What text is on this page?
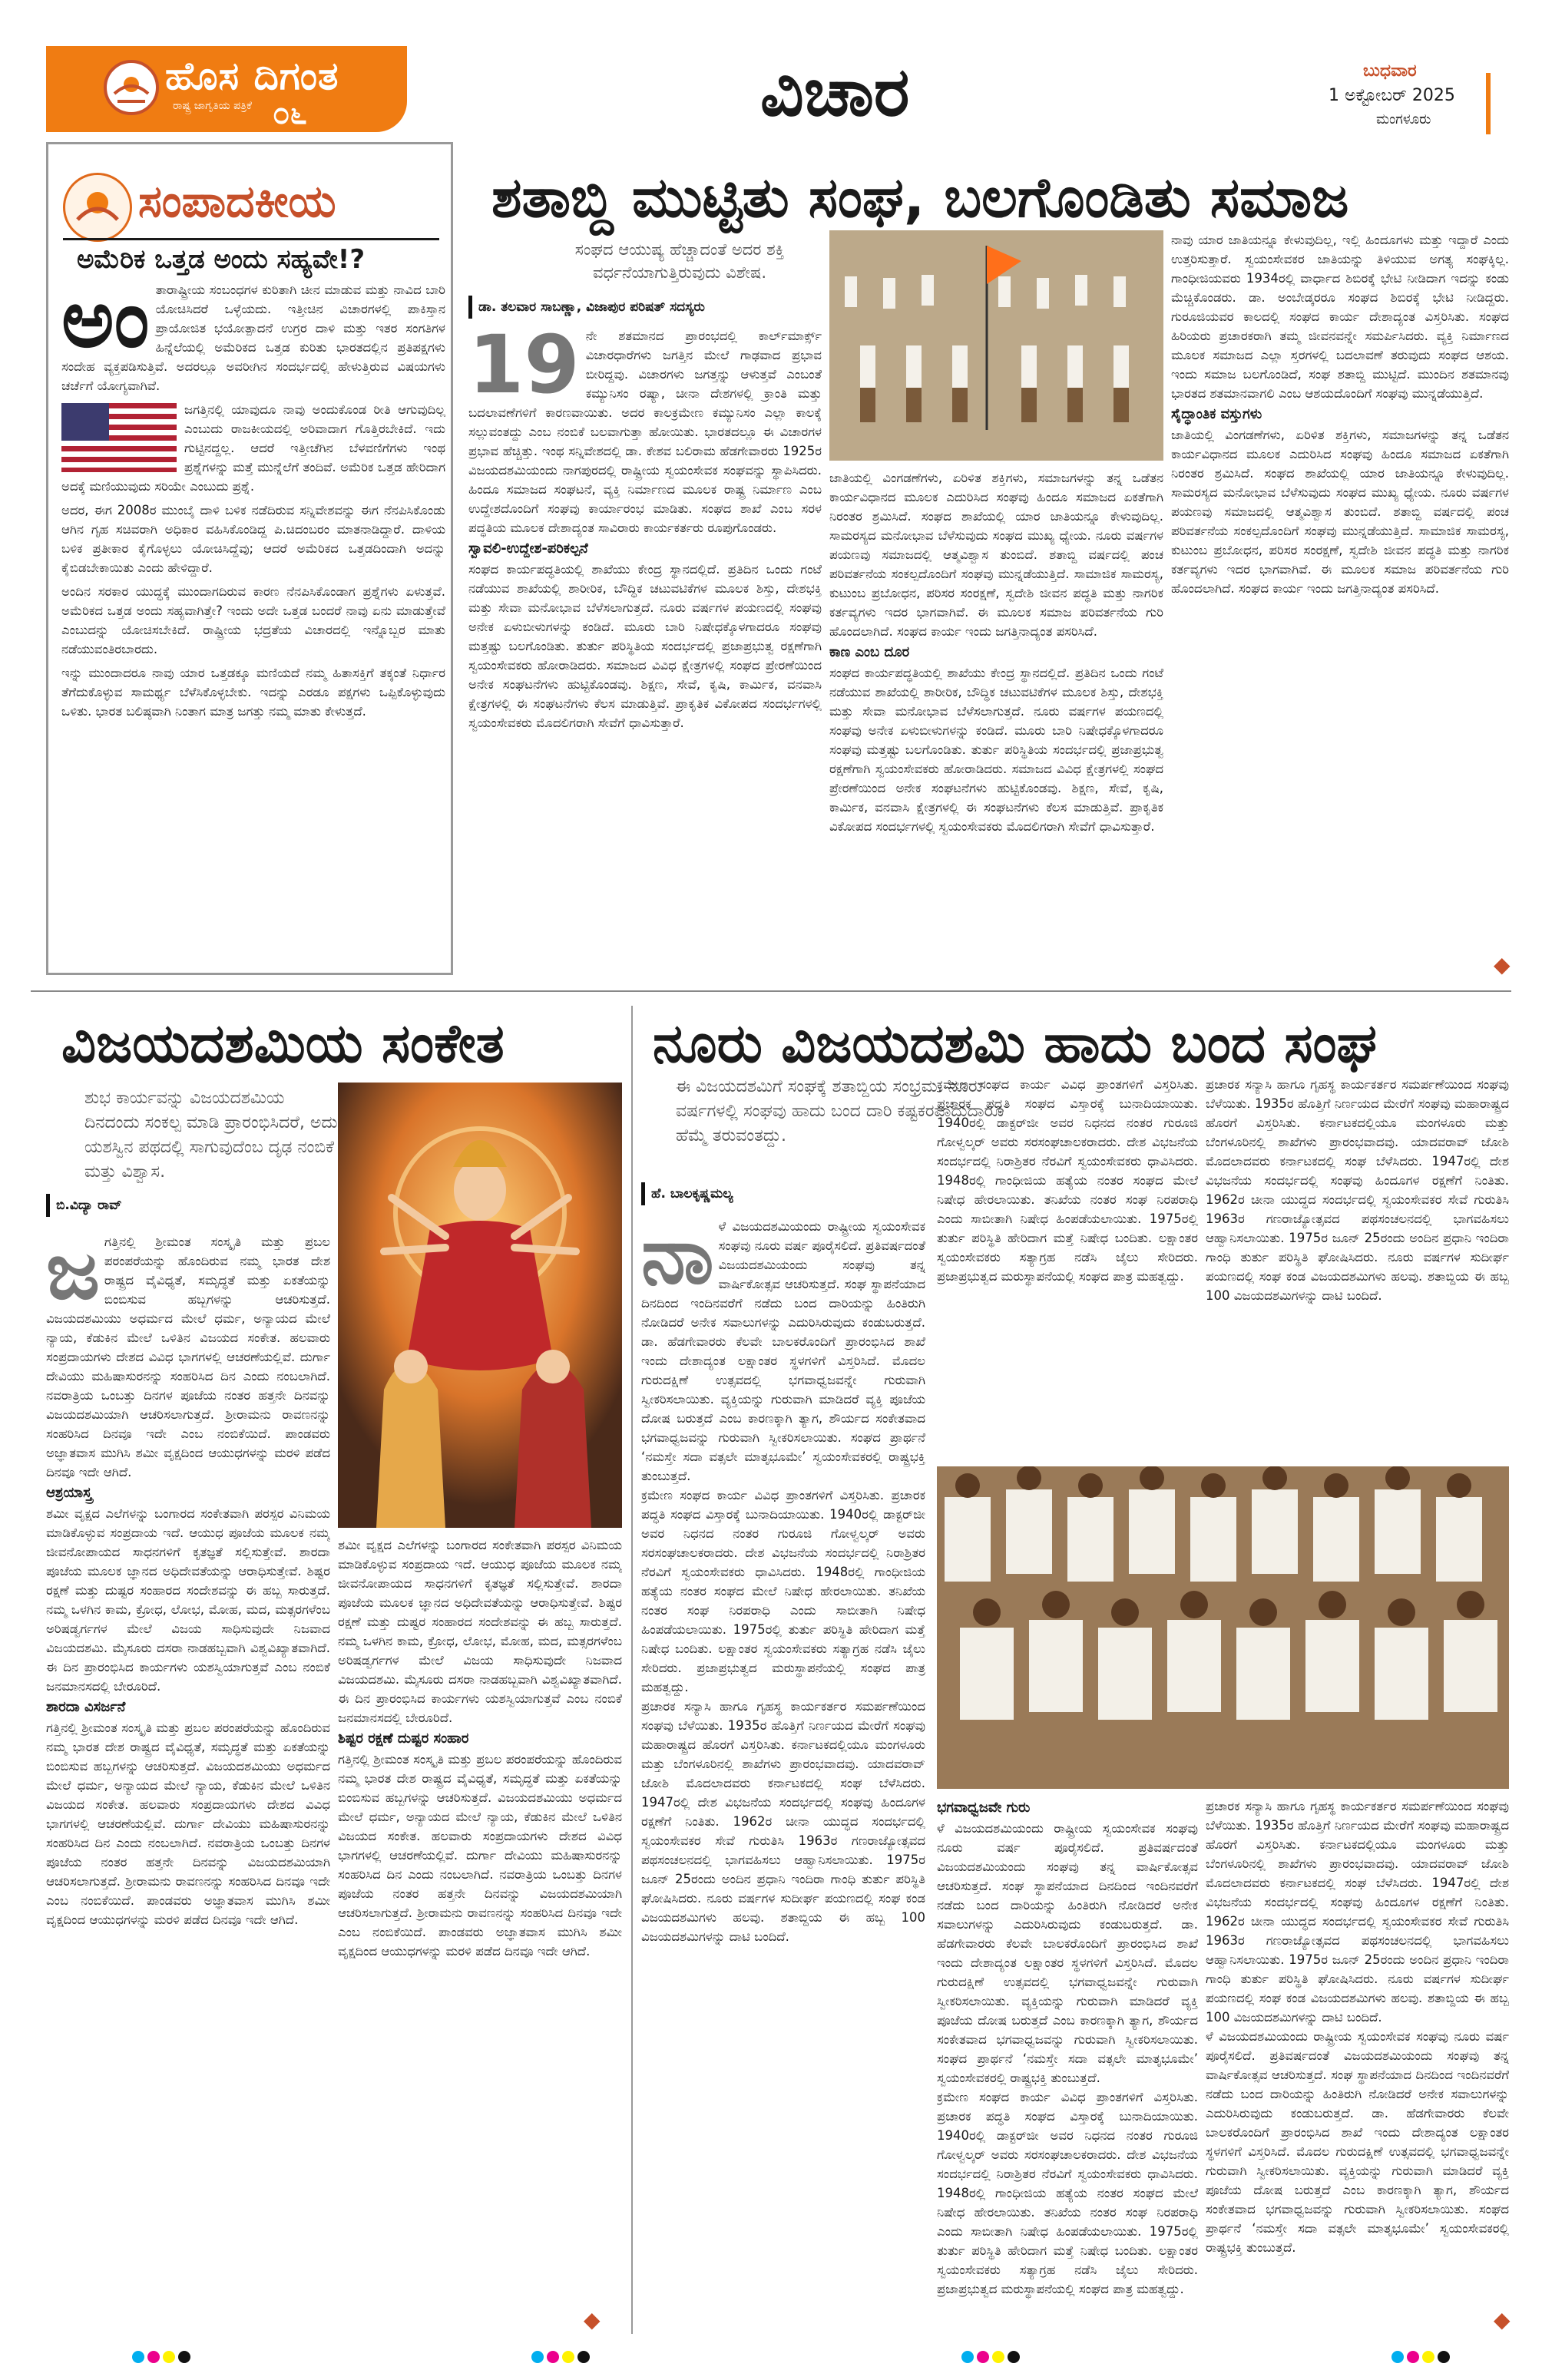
ಹೊಸ ದಿಗಂತ
ರಾಷ್ಟ್ರ ಜಾಗೃತಿಯ ಪತ್ರಿಕೆ ೦೬	ವಿಚಾರ	ಬುಧವಾರ
1 ಅಕ್ಟೋಬರ್ 2025
ಮಂಗಳೂರು
ಸಂಪಾದಕೀಯ
ಅಮೆರಿಕ ಒತ್ತಡ ಅಂದು ಸಹ್ಯವೇ!?
ಅಂ ತಾರಾಷ್ಟ್ರೀಯ ಸಂಬಂಧಗಳ ಕುರಿತಾಗಿ ಚೀನ ಮಾಡುವ ಮತ್ತು ನಾವಿದ ಬಾರಿ ಯೋಚಿಸಿದರೆ ಒಳ್ಳೆಯದು. ಇತ್ತೀಚಿನ ವಿಚಾರಗಳಲ್ಲಿ ಪಾಕಿಸ್ತಾನ ಪ್ರಾಯೋಜಿತ ಭಯೋತ್ಪಾದನೆ ಉಗ್ರರ ದಾಳಿ ಮತ್ತು ಇತರ ಸಂಗತಿಗಳ ಹಿನ್ನೆಲೆಯಲ್ಲಿ ಅಮೆರಿಕದ ಒತ್ತಡ ಕುರಿತು ಭಾರತದಲ್ಲಿನ ಪ್ರತಿಪಕ್ಷಗಳು ಸಂದೇಹ ವ್ಯಕ್ತಪಡಿಸುತ್ತಿವೆ. ಅದರಲ್ಲೂ ಅವರೀಗಿನ ಸಂದರ್ಭದಲ್ಲಿ ಹೇಳುತ್ತಿರುವ ವಿಷಯಗಳು ಚರ್ಚೆಗೆ ಯೋಗ್ಯವಾಗಿವೆ.

ಜಗತ್ತಿನಲ್ಲಿ ಯಾವುದೂ ನಾವು ಅಂದುಕೊಂಡ ರೀತಿ ಆಗುವುದಿಲ್ಲ ಎಂಬುದು ರಾಜಕೀಯದಲ್ಲಿ ಅರಿವಾದಾಗ ಗೊತ್ತಿರಬೇಕಿದೆ. ಇದು ಗುಟ್ಟಿನದ್ದಲ್ಲ. ಆದರೆ ಇತ್ತೀಚೆಗಿನ ಬೆಳವಣಿಗೆಗಳು ಇಂಥ ಪ್ರಶ್ನೆಗಳನ್ನು ಮತ್ತೆ ಮುನ್ನೆಲೆಗೆ ತಂದಿವೆ. ಅಮೆರಿಕ ಒತ್ತಡ ಹೇರಿದಾಗ ಅದಕ್ಕೆ ಮಣಿಯುವುದು ಸರಿಯೇ ಎಂಬುದು ಪ್ರಶ್ನೆ.

ಅದರ, ಈಗ 2008ರ ಮುಂಬೈ ದಾಳಿ ಬಳಿಕ ನಡೆದಿರುವ ಸನ್ನಿವೇಶವನ್ನು ಈಗ ನೆನಪಿಸಿಕೊಂಡು ಆಗಿನ ಗೃಹ ಸಚಿವರಾಗಿ ಅಧಿಕಾರ ವಹಿಸಿಕೊಂಡಿದ್ದ ಪಿ.ಚಿದಂಬರಂ ಮಾತನಾಡಿದ್ದಾರೆ. ದಾಳಿಯ ಬಳಿಕ ಪ್ರತೀಕಾರ ಕೈಗೊಳ್ಳಲು ಯೋಚಿಸಿದ್ದೆವು; ಆದರೆ ಅಮೆರಿಕದ ಒತ್ತಡದಿಂದಾಗಿ ಅದನ್ನು ಕೈಬಿಡಬೇಕಾಯಿತು ಎಂದು ಹೇಳಿದ್ದಾರೆ.

ಅಂದಿನ ಸರಕಾರ ಯುದ್ಧಕ್ಕೆ ಮುಂದಾಗದಿರುವ ಕಾರಣ ನೆನಪಿಸಿಕೊಂಡಾಗ ಪ್ರಶ್ನೆಗಳು ಏಳುತ್ತವೆ. ಅಮೆರಿಕದ ಒತ್ತಡ ಅಂದು ಸಹ್ಯವಾಗಿತ್ತೇ? ಇಂದು ಅದೇ ಒತ್ತಡ ಬಂದರೆ ನಾವು ಏನು ಮಾಡುತ್ತೇವೆ ಎಂಬುದನ್ನು ಯೋಚಿಸಬೇಕಿದೆ. ರಾಷ್ಟ್ರೀಯ ಭದ್ರತೆಯ ವಿಚಾರದಲ್ಲಿ ಇನ್ನೊಬ್ಬರ ಮಾತು ನಡೆಯುವಂತಿರಬಾರದು.

ಇನ್ನು ಮುಂದಾದರೂ ನಾವು ಯಾರ ಒತ್ತಡಕ್ಕೂ ಮಣಿಯದೆ ನಮ್ಮ ಹಿತಾಸಕ್ತಿಗೆ ತಕ್ಕಂತೆ ನಿರ್ಧಾರ ತೆಗೆದುಕೊಳ್ಳುವ ಸಾಮರ್ಥ್ಯ ಬೆಳೆಸಿಕೊಳ್ಳಬೇಕು. ಇದನ್ನು ಎರಡೂ ಪಕ್ಷಗಳು ಒಪ್ಪಿಕೊಳ್ಳುವುದು ಒಳಿತು. ಭಾರತ ಬಲಿಷ್ಠವಾಗಿ ನಿಂತಾಗ ಮಾತ್ರ ಜಗತ್ತು ನಮ್ಮ ಮಾತು ಕೇಳುತ್ತದೆ.

ಶತಾಬ್ದಿ ಮುಟ್ಟಿತು ಸಂಘ, ಬಲಗೊಂಡಿತು ಸಮಾಜ
ಸಂಘದ ಆಯುಷ್ಯ ಹೆಚ್ಚಾದಂತೆ ಅದರ ಶಕ್ತಿ ವರ್ಧನೆಯಾಗುತ್ತಿರುವುದು ವಿಶೇಷ.
ಡಾ. ತಲವಾರ ಸಾಬಣ್ಣಾ, ವಿಜಾಪುರ ಪರಿಷತ್ ಸದಸ್ಯರು
19 ನೇ ಶತಮಾನದ ಪ್ರಾರಂಭದಲ್ಲಿ ಕಾರ್ಲ್‌ಮಾರ್ಕ್ಸ್ ವಿಚಾರಧಾರೆಗಳು ಜಗತ್ತಿನ ಮೇಲೆ ಗಾಢವಾದ ಪ್ರಭಾವ ಬೀರಿದ್ದವು. ವಿಚಾರಗಳು ಜಗತ್ತನ್ನು ಆಳುತ್ತವೆ ಎಂಬಂತೆ ಕಮ್ಯುನಿಸಂ ರಷ್ಯಾ, ಚೀನಾ ದೇಶಗಳಲ್ಲಿ ಕ್ರಾಂತಿ ಮತ್ತು ಬದಲಾವಣೆಗಳಿಗೆ ಕಾರಣವಾಯಿತು. ಅದರ ಕಾಲಕ್ರಮೇಣ ಕಮ್ಯುನಿಸಂ ಎಲ್ಲಾ ಕಾಲಕ್ಕೆ ಸಲ್ಲುವಂತದ್ದು ಎಂಬ ನಂಬಿಕೆ ಬಲವಾಗುತ್ತಾ ಹೋಯಿತು. ಭಾರತದಲ್ಲೂ ಈ ವಿಚಾರಗಳ ಪ್ರಭಾವ ಹೆಚ್ಚಿತ್ತು. ಇಂಥ ಸನ್ನಿವೇಶದಲ್ಲಿ ಡಾ. ಕೇಶವ ಬಲಿರಾಮ ಹೆಡಗೇವಾರರು 1925ರ ವಿಜಯದಶಮಿಯಂದು ನಾಗಪುರದಲ್ಲಿ ರಾಷ್ಟ್ರೀಯ ಸ್ವಯಂಸೇವಕ ಸಂಘವನ್ನು ಸ್ಥಾಪಿಸಿದರು. ಹಿಂದೂ ಸಮಾಜದ ಸಂಘಟನೆ, ವ್ಯಕ್ತಿ ನಿರ್ಮಾಣದ ಮೂಲಕ ರಾಷ್ಟ್ರ ನಿರ್ಮಾಣ ಎಂಬ ಉದ್ದೇಶದೊಂದಿಗೆ ಸಂಘವು ಕಾರ್ಯಾರಂಭ ಮಾಡಿತು. ಸಂಘದ ಶಾಖೆ ಎಂಬ ಸರಳ ಪದ್ಧತಿಯ ಮೂಲಕ ದೇಶಾದ್ಯಂತ ಸಾವಿರಾರು ಕಾರ್ಯಕರ್ತರು ರೂಪುಗೊಂಡರು.

ಸ್ವಾವಲಿ-ಉದ್ದೇಶ-ಪರಿಕಲ್ಪನೆ

ಸಂಘದ ಕಾರ್ಯಪದ್ಧತಿಯಲ್ಲಿ ಶಾಖೆಯು ಕೇಂದ್ರ ಸ್ಥಾನದಲ್ಲಿದೆ. ಪ್ರತಿದಿನ ಒಂದು ಗಂಟೆ ನಡೆಯುವ ಶಾಖೆಯಲ್ಲಿ ಶಾರೀರಿಕ, ಬೌದ್ಧಿಕ ಚಟುವಟಿಕೆಗಳ ಮೂಲಕ ಶಿಸ್ತು, ದೇಶಭಕ್ತಿ ಮತ್ತು ಸೇವಾ ಮನೋಭಾವ ಬೆಳೆಸಲಾಗುತ್ತದೆ. ನೂರು ವರ್ಷಗಳ ಪಯಣದಲ್ಲಿ ಸಂಘವು ಅನೇಕ ಏಳುಬೀಳುಗಳನ್ನು ಕಂಡಿದೆ. ಮೂರು ಬಾರಿ ನಿಷೇಧಕ್ಕೊಳಗಾದರೂ ಸಂಘವು ಮತ್ತಷ್ಟು ಬಲಗೊಂಡಿತು. ತುರ್ತು ಪರಿಸ್ಥಿತಿಯ ಸಂದರ್ಭದಲ್ಲಿ ಪ್ರಜಾಪ್ರಭುತ್ವ ರಕ್ಷಣೆಗಾಗಿ ಸ್ವಯಂಸೇವಕರು ಹೋರಾಡಿದರು. ಸಮಾಜದ ವಿವಿಧ ಕ್ಷೇತ್ರಗಳಲ್ಲಿ ಸಂಘದ ಪ್ರೇರಣೆಯಿಂದ ಅನೇಕ ಸಂಘಟನೆಗಳು ಹುಟ್ಟಿಕೊಂಡವು. ಶಿಕ್ಷಣ, ಸೇವೆ, ಕೃಷಿ, ಕಾರ್ಮಿಕ, ವನವಾಸಿ ಕ್ಷೇತ್ರಗಳಲ್ಲಿ ಈ ಸಂಘಟನೆಗಳು ಕೆಲಸ ಮಾಡುತ್ತಿವೆ. ಪ್ರಾಕೃತಿಕ ವಿಕೋಪದ ಸಂದರ್ಭಗಳಲ್ಲಿ ಸ್ವಯಂಸೇವಕರು ಮೊದಲಿಗರಾಗಿ ಸೇವೆಗೆ ಧಾವಿಸುತ್ತಾರೆ.

ಜಾತಿಯಲ್ಲಿ ವಿಂಗಡಣೆಗಳು, ಏರಿಳಿತ ಶಕ್ತಿಗಳು, ಸಮಾಜಗಳನ್ನು ತನ್ನ ಒಡೆತನ ಕಾರ್ಯವಿಧಾನದ ಮೂಲಕ ಎದುರಿಸಿದ ಸಂಘವು ಹಿಂದೂ ಸಮಾಜದ ಏಕತೆಗಾಗಿ ನಿರಂತರ ಶ್ರಮಿಸಿದೆ. ಸಂಘದ ಶಾಖೆಯಲ್ಲಿ ಯಾರ ಜಾತಿಯನ್ನೂ ಕೇಳುವುದಿಲ್ಲ. ಸಾಮರಸ್ಯದ ಮನೋಭಾವ ಬೆಳೆಸುವುದು ಸಂಘದ ಮುಖ್ಯ ಧ್ಯೇಯ. ನೂರು ವರ್ಷಗಳ ಪಯಣವು ಸಮಾಜದಲ್ಲಿ ಆತ್ಮವಿಶ್ವಾಸ ತುಂಬಿದೆ. ಶತಾಬ್ದಿ ವರ್ಷದಲ್ಲಿ ಪಂಚ ಪರಿವರ್ತನೆಯ ಸಂಕಲ್ಪದೊಂದಿಗೆ ಸಂಘವು ಮುನ್ನಡೆಯುತ್ತಿದೆ. ಸಾಮಾಜಿಕ ಸಾಮರಸ್ಯ, ಕುಟುಂಬ ಪ್ರಬೋಧನ, ಪರಿಸರ ಸಂರಕ್ಷಣೆ, ಸ್ವದೇಶಿ ಜೀವನ ಪದ್ಧತಿ ಮತ್ತು ನಾಗರಿಕ ಕರ್ತವ್ಯಗಳು ಇದರ ಭಾಗವಾಗಿವೆ. ಈ ಮೂಲಕ ಸಮಾಜ ಪರಿವರ್ತನೆಯ ಗುರಿ ಹೊಂದಲಾಗಿದೆ. ಸಂಘದ ಕಾರ್ಯ ಇಂದು ಜಗತ್ತಿನಾದ್ಯಂತ ಪಸರಿಸಿದೆ.

ಕಾಣ ಎಂಬ ದೂರ

ಸಂಘದ ಕಾರ್ಯಪದ್ಧತಿಯಲ್ಲಿ ಶಾಖೆಯು ಕೇಂದ್ರ ಸ್ಥಾನದಲ್ಲಿದೆ. ಪ್ರತಿದಿನ ಒಂದು ಗಂಟೆ ನಡೆಯುವ ಶಾಖೆಯಲ್ಲಿ ಶಾರೀರಿಕ, ಬೌದ್ಧಿಕ ಚಟುವಟಿಕೆಗಳ ಮೂಲಕ ಶಿಸ್ತು, ದೇಶಭಕ್ತಿ ಮತ್ತು ಸೇವಾ ಮನೋಭಾವ ಬೆಳೆಸಲಾಗುತ್ತದೆ. ನೂರು ವರ್ಷಗಳ ಪಯಣದಲ್ಲಿ ಸಂಘವು ಅನೇಕ ಏಳುಬೀಳುಗಳನ್ನು ಕಂಡಿದೆ. ಮೂರು ಬಾರಿ ನಿಷೇಧಕ್ಕೊಳಗಾದರೂ ಸಂಘವು ಮತ್ತಷ್ಟು ಬಲಗೊಂಡಿತು. ತುರ್ತು ಪರಿಸ್ಥಿತಿಯ ಸಂದರ್ಭದಲ್ಲಿ ಪ್ರಜಾಪ್ರಭುತ್ವ ರಕ್ಷಣೆಗಾಗಿ ಸ್ವಯಂಸೇವಕರು ಹೋರಾಡಿದರು. ಸಮಾಜದ ವಿವಿಧ ಕ್ಷೇತ್ರಗಳಲ್ಲಿ ಸಂಘದ ಪ್ರೇರಣೆಯಿಂದ ಅನೇಕ ಸಂಘಟನೆಗಳು ಹುಟ್ಟಿಕೊಂಡವು. ಶಿಕ್ಷಣ, ಸೇವೆ, ಕೃಷಿ, ಕಾರ್ಮಿಕ, ವನವಾಸಿ ಕ್ಷೇತ್ರಗಳಲ್ಲಿ ಈ ಸಂಘಟನೆಗಳು ಕೆಲಸ ಮಾಡುತ್ತಿವೆ. ಪ್ರಾಕೃತಿಕ ವಿಕೋಪದ ಸಂದರ್ಭಗಳಲ್ಲಿ ಸ್ವಯಂಸೇವಕರು ಮೊದಲಿಗರಾಗಿ ಸೇವೆಗೆ ಧಾವಿಸುತ್ತಾರೆ.

ನಾವು ಯಾರ ಜಾತಿಯನ್ನೂ ಕೇಳುವುದಿಲ್ಲ, ಇಲ್ಲಿ ಹಿಂದೂಗಳು ಮತ್ತು ಇದ್ದಾರೆ ಎಂದು ಉತ್ತರಿಸುತ್ತಾರೆ. ಸ್ವಯಂಸೇವಕರ ಜಾತಿಯನ್ನು ತಿಳಿಯುವ ಅಗತ್ಯ ಸಂಘಕ್ಕಿಲ್ಲ. ಗಾಂಧೀಜಿಯವರು 1934ರಲ್ಲಿ ವಾರ್ಧಾದ ಶಿಬಿರಕ್ಕೆ ಭೇಟಿ ನೀಡಿದಾಗ ಇದನ್ನು ಕಂಡು ಮೆಚ್ಚಿಕೊಂಡರು. ಡಾ. ಅಂಬೇಡ್ಕರರೂ ಸಂಘದ ಶಿಬಿರಕ್ಕೆ ಭೇಟಿ ನೀಡಿದ್ದರು. ಗುರೂಜಿಯವರ ಕಾಲದಲ್ಲಿ ಸಂಘದ ಕಾರ್ಯ ದೇಶಾದ್ಯಂತ ವಿಸ್ತರಿಸಿತು. ಸಂಘದ ಹಿರಿಯರು ಪ್ರಚಾರಕರಾಗಿ ತಮ್ಮ ಜೀವನವನ್ನೇ ಸಮರ್ಪಿಸಿದರು. ವ್ಯಕ್ತಿ ನಿರ್ಮಾಣದ ಮೂಲಕ ಸಮಾಜದ ಎಲ್ಲಾ ಸ್ತರಗಳಲ್ಲಿ ಬದಲಾವಣೆ ತರುವುದು ಸಂಘದ ಆಶಯ. ಇಂದು ಸಮಾಜ ಬಲಗೊಂಡಿದೆ, ಸಂಘ ಶತಾಬ್ದಿ ಮುಟ್ಟಿದೆ. ಮುಂದಿನ ಶತಮಾನವು ಭಾರತದ ಶತಮಾನವಾಗಲಿ ಎಂಬ ಆಶಯದೊಂದಿಗೆ ಸಂಘವು ಮುನ್ನಡೆಯುತ್ತಿದೆ.

ಸೈದ್ಧಾಂತಿಕ ವಸ್ತುಗಳು

ಜಾತಿಯಲ್ಲಿ ವಿಂಗಡಣೆಗಳು, ಏರಿಳಿತ ಶಕ್ತಿಗಳು, ಸಮಾಜಗಳನ್ನು ತನ್ನ ಒಡೆತನ ಕಾರ್ಯವಿಧಾನದ ಮೂಲಕ ಎದುರಿಸಿದ ಸಂಘವು ಹಿಂದೂ ಸಮಾಜದ ಏಕತೆಗಾಗಿ ನಿರಂತರ ಶ್ರಮಿಸಿದೆ. ಸಂಘದ ಶಾಖೆಯಲ್ಲಿ ಯಾರ ಜಾತಿಯನ್ನೂ ಕೇಳುವುದಿಲ್ಲ. ಸಾಮರಸ್ಯದ ಮನೋಭಾವ ಬೆಳೆಸುವುದು ಸಂಘದ ಮುಖ್ಯ ಧ್ಯೇಯ. ನೂರು ವರ್ಷಗಳ ಪಯಣವು ಸಮಾಜದಲ್ಲಿ ಆತ್ಮವಿಶ್ವಾಸ ತುಂಬಿದೆ. ಶತಾಬ್ದಿ ವರ್ಷದಲ್ಲಿ ಪಂಚ ಪರಿವರ್ತನೆಯ ಸಂಕಲ್ಪದೊಂದಿಗೆ ಸಂಘವು ಮುನ್ನಡೆಯುತ್ತಿದೆ. ಸಾಮಾಜಿಕ ಸಾಮರಸ್ಯ, ಕುಟುಂಬ ಪ್ರಬೋಧನ, ಪರಿಸರ ಸಂರಕ್ಷಣೆ, ಸ್ವದೇಶಿ ಜೀವನ ಪದ್ಧತಿ ಮತ್ತು ನಾಗರಿಕ ಕರ್ತವ್ಯಗಳು ಇದರ ಭಾಗವಾಗಿವೆ. ಈ ಮೂಲಕ ಸಮಾಜ ಪರಿವರ್ತನೆಯ ಗುರಿ ಹೊಂದಲಾಗಿದೆ. ಸಂಘದ ಕಾರ್ಯ ಇಂದು ಜಗತ್ತಿನಾದ್ಯಂತ ಪಸರಿಸಿದೆ.

◆
ವಿಜಯದಶಮಿಯ ಸಂಕೇತ
ಶುಭ ಕಾರ್ಯವನ್ನು ವಿಜಯದಶಮಿಯ ದಿನದಂದು ಸಂಕಲ್ಪ ಮಾಡಿ ಪ್ರಾರಂಭಿಸಿದರೆ, ಅದು ಯಶಸ್ವಿನ ಪಥದಲ್ಲಿ ಸಾಗುವುದೆಂಬ ದೃಢ ನಂಬಿಕೆ ಮತ್ತು ವಿಶ್ವಾಸ.
ಬಿ.ವಿದ್ಯಾ ರಾವ್
ಜ ಗತ್ತಿನಲ್ಲಿ ಶ್ರೀಮಂತ ಸಂಸ್ಕೃತಿ ಮತ್ತು ಪ್ರಬಲ ಪರಂಪರೆಯನ್ನು ಹೊಂದಿರುವ ನಮ್ಮ ಭಾರತ ದೇಶ ರಾಷ್ಟ್ರದ ವೈವಿಧ್ಯತೆ, ಸಮೃದ್ಧತೆ ಮತ್ತು ಏಕತೆಯನ್ನು ಬಿಂಬಿಸುವ ಹಬ್ಬಗಳನ್ನು ಆಚರಿಸುತ್ತದೆ. ವಿಜಯದಶಮಿಯು ಅಧರ್ಮದ ಮೇಲೆ ಧರ್ಮ, ಅನ್ಯಾಯದ ಮೇಲೆ ನ್ಯಾಯ, ಕೆಡುಕಿನ ಮೇಲೆ ಒಳಿತಿನ ವಿಜಯದ ಸಂಕೇತ. ಹಲವಾರು ಸಂಪ್ರದಾಯಗಳು ದೇಶದ ವಿವಿಧ ಭಾಗಗಳಲ್ಲಿ ಆಚರಣೆಯಲ್ಲಿವೆ. ದುರ್ಗಾ ದೇವಿಯು ಮಹಿಷಾಸುರನನ್ನು ಸಂಹರಿಸಿದ ದಿನ ಎಂದು ನಂಬಲಾಗಿದೆ. ನವರಾತ್ರಿಯ ಒಂಬತ್ತು ದಿನಗಳ ಪೂಜೆಯ ನಂತರ ಹತ್ತನೇ ದಿನವನ್ನು ವಿಜಯದಶಮಿಯಾಗಿ ಆಚರಿಸಲಾಗುತ್ತದೆ. ಶ್ರೀರಾಮನು ರಾವಣನನ್ನು ಸಂಹರಿಸಿದ ದಿನವೂ ಇದೇ ಎಂಬ ನಂಬಿಕೆಯಿದೆ. ಪಾಂಡವರು ಅಜ್ಞಾತವಾಸ ಮುಗಿಸಿ ಶಮೀ ವೃಕ್ಷದಿಂದ ಆಯುಧಗಳನ್ನು ಮರಳಿ ಪಡೆದ ದಿನವೂ ಇದೇ ಆಗಿದೆ.

ಆಶ್ರಯಾಸ್ತ್ರ

ಶಮೀ ವೃಕ್ಷದ ಎಲೆಗಳನ್ನು ಬಂಗಾರದ ಸಂಕೇತವಾಗಿ ಪರಸ್ಪರ ವಿನಿಮಯ ಮಾಡಿಕೊಳ್ಳುವ ಸಂಪ್ರದಾಯ ಇದೆ. ಆಯುಧ ಪೂಜೆಯ ಮೂಲಕ ನಮ್ಮ ಜೀವನೋಪಾಯದ ಸಾಧನಗಳಿಗೆ ಕೃತಜ್ಞತೆ ಸಲ್ಲಿಸುತ್ತೇವೆ. ಶಾರದಾ ಪೂಜೆಯ ಮೂಲಕ ಜ್ಞಾನದ ಅಧಿದೇವತೆಯನ್ನು ಆರಾಧಿಸುತ್ತೇವೆ. ಶಿಷ್ಟರ ರಕ್ಷಣೆ ಮತ್ತು ದುಷ್ಟರ ಸಂಹಾರದ ಸಂದೇಶವನ್ನು ಈ ಹಬ್ಬ ಸಾರುತ್ತದೆ. ನಮ್ಮ ಒಳಗಿನ ಕಾಮ, ಕ್ರೋಧ, ಲೋಭ, ಮೋಹ, ಮದ, ಮತ್ಸರಗಳೆಂಬ ಅರಿಷಡ್ವರ್ಗಗಳ ಮೇಲೆ ವಿಜಯ ಸಾಧಿಸುವುದೇ ನಿಜವಾದ ವಿಜಯದಶಮಿ. ಮೈಸೂರು ದಸರಾ ನಾಡಹಬ್ಬವಾಗಿ ವಿಶ್ವವಿಖ್ಯಾತವಾಗಿದೆ. ಈ ದಿನ ಪ್ರಾರಂಭಿಸಿದ ಕಾರ್ಯಗಳು ಯಶಸ್ವಿಯಾಗುತ್ತವೆ ಎಂಬ ನಂಬಿಕೆ ಜನಮಾನಸದಲ್ಲಿ ಬೇರೂರಿದೆ.

ಶಾರದಾ ವಿಸರ್ಜನೆ

ಗತ್ತಿನಲ್ಲಿ ಶ್ರೀಮಂತ ಸಂಸ್ಕೃತಿ ಮತ್ತು ಪ್ರಬಲ ಪರಂಪರೆಯನ್ನು ಹೊಂದಿರುವ ನಮ್ಮ ಭಾರತ ದೇಶ ರಾಷ್ಟ್ರದ ವೈವಿಧ್ಯತೆ, ಸಮೃದ್ಧತೆ ಮತ್ತು ಏಕತೆಯನ್ನು ಬಿಂಬಿಸುವ ಹಬ್ಬಗಳನ್ನು ಆಚರಿಸುತ್ತದೆ. ವಿಜಯದಶಮಿಯು ಅಧರ್ಮದ ಮೇಲೆ ಧರ್ಮ, ಅನ್ಯಾಯದ ಮೇಲೆ ನ್ಯಾಯ, ಕೆಡುಕಿನ ಮೇಲೆ ಒಳಿತಿನ ವಿಜಯದ ಸಂಕೇತ. ಹಲವಾರು ಸಂಪ್ರದಾಯಗಳು ದೇಶದ ವಿವಿಧ ಭಾಗಗಳಲ್ಲಿ ಆಚರಣೆಯಲ್ಲಿವೆ. ದುರ್ಗಾ ದೇವಿಯು ಮಹಿಷಾಸುರನನ್ನು ಸಂಹರಿಸಿದ ದಿನ ಎಂದು ನಂಬಲಾಗಿದೆ. ನವರಾತ್ರಿಯ ಒಂಬತ್ತು ದಿನಗಳ ಪೂಜೆಯ ನಂತರ ಹತ್ತನೇ ದಿನವನ್ನು ವಿಜಯದಶಮಿಯಾಗಿ ಆಚರಿಸಲಾಗುತ್ತದೆ. ಶ್ರೀರಾಮನು ರಾವಣನನ್ನು ಸಂಹರಿಸಿದ ದಿನವೂ ಇದೇ ಎಂಬ ನಂಬಿಕೆಯಿದೆ. ಪಾಂಡವರು ಅಜ್ಞಾತವಾಸ ಮುಗಿಸಿ ಶಮೀ ವೃಕ್ಷದಿಂದ ಆಯುಧಗಳನ್ನು ಮರಳಿ ಪಡೆದ ದಿನವೂ ಇದೇ ಆಗಿದೆ.

ಶಮೀ ವೃಕ್ಷದ ಎಲೆಗಳನ್ನು ಬಂಗಾರದ ಸಂಕೇತವಾಗಿ ಪರಸ್ಪರ ವಿನಿಮಯ ಮಾಡಿಕೊಳ್ಳುವ ಸಂಪ್ರದಾಯ ಇದೆ. ಆಯುಧ ಪೂಜೆಯ ಮೂಲಕ ನಮ್ಮ ಜೀವನೋಪಾಯದ ಸಾಧನಗಳಿಗೆ ಕೃತಜ್ಞತೆ ಸಲ್ಲಿಸುತ್ತೇವೆ. ಶಾರದಾ ಪೂಜೆಯ ಮೂಲಕ ಜ್ಞಾನದ ಅಧಿದೇವತೆಯನ್ನು ಆರಾಧಿಸುತ್ತೇವೆ. ಶಿಷ್ಟರ ರಕ್ಷಣೆ ಮತ್ತು ದುಷ್ಟರ ಸಂಹಾರದ ಸಂದೇಶವನ್ನು ಈ ಹಬ್ಬ ಸಾರುತ್ತದೆ. ನಮ್ಮ ಒಳಗಿನ ಕಾಮ, ಕ್ರೋಧ, ಲೋಭ, ಮೋಹ, ಮದ, ಮತ್ಸರಗಳೆಂಬ ಅರಿಷಡ್ವರ್ಗಗಳ ಮೇಲೆ ವಿಜಯ ಸಾಧಿಸುವುದೇ ನಿಜವಾದ ವಿಜಯದಶಮಿ. ಮೈಸೂರು ದಸರಾ ನಾಡಹಬ್ಬವಾಗಿ ವಿಶ್ವವಿಖ್ಯಾತವಾಗಿದೆ. ಈ ದಿನ ಪ್ರಾರಂಭಿಸಿದ ಕಾರ್ಯಗಳು ಯಶಸ್ವಿಯಾಗುತ್ತವೆ ಎಂಬ ನಂಬಿಕೆ ಜನಮಾನಸದಲ್ಲಿ ಬೇರೂರಿದೆ.

ಶಿಷ್ಟರ ರಕ್ಷಣೆ ದುಷ್ಟರ ಸಂಹಾರ

ಗತ್ತಿನಲ್ಲಿ ಶ್ರೀಮಂತ ಸಂಸ್ಕೃತಿ ಮತ್ತು ಪ್ರಬಲ ಪರಂಪರೆಯನ್ನು ಹೊಂದಿರುವ ನಮ್ಮ ಭಾರತ ದೇಶ ರಾಷ್ಟ್ರದ ವೈವಿಧ್ಯತೆ, ಸಮೃದ್ಧತೆ ಮತ್ತು ಏಕತೆಯನ್ನು ಬಿಂಬಿಸುವ ಹಬ್ಬಗಳನ್ನು ಆಚರಿಸುತ್ತದೆ. ವಿಜಯದಶಮಿಯು ಅಧರ್ಮದ ಮೇಲೆ ಧರ್ಮ, ಅನ್ಯಾಯದ ಮೇಲೆ ನ್ಯಾಯ, ಕೆಡುಕಿನ ಮೇಲೆ ಒಳಿತಿನ ವಿಜಯದ ಸಂಕೇತ. ಹಲವಾರು ಸಂಪ್ರದಾಯಗಳು ದೇಶದ ವಿವಿಧ ಭಾಗಗಳಲ್ಲಿ ಆಚರಣೆಯಲ್ಲಿವೆ. ದುರ್ಗಾ ದೇವಿಯು ಮಹಿಷಾಸುರನನ್ನು ಸಂಹರಿಸಿದ ದಿನ ಎಂದು ನಂಬಲಾಗಿದೆ. ನವರಾತ್ರಿಯ ಒಂಬತ್ತು ದಿನಗಳ ಪೂಜೆಯ ನಂತರ ಹತ್ತನೇ ದಿನವನ್ನು ವಿಜಯದಶಮಿಯಾಗಿ ಆಚರಿಸಲಾಗುತ್ತದೆ. ಶ್ರೀರಾಮನು ರಾವಣನನ್ನು ಸಂಹರಿಸಿದ ದಿನವೂ ಇದೇ ಎಂಬ ನಂಬಿಕೆಯಿದೆ. ಪಾಂಡವರು ಅಜ್ಞಾತವಾಸ ಮುಗಿಸಿ ಶಮೀ ವೃಕ್ಷದಿಂದ ಆಯುಧಗಳನ್ನು ಮರಳಿ ಪಡೆದ ದಿನವೂ ಇದೇ ಆಗಿದೆ.

◆
ನೂರು ವಿಜಯದಶಮಿ ಹಾದು ಬಂದ ಸಂಘ
ಈ ವಿಜಯದಶಮಿಗೆ ಸಂಘಕ್ಕೆ ಶತಾಬ್ದಿಯ ಸಂಭ್ರಮ. ನೂರು ವರ್ಷಗಳಲ್ಲಿ ಸಂಘವು ಹಾದು ಬಂದ ದಾರಿ ಕಷ್ಟಕರವಾದುದಾರೂ ಹೆಮ್ಮೆ ತರುವಂತದ್ದು.
ಹೆ. ಬಾಲಕೃಷ್ಣಮಲ್ಯ
ನಾ ಳೆ ವಿಜಯದಶಮಿಯಂದು ರಾಷ್ಟ್ರೀಯ ಸ್ವಯಂಸೇವಕ ಸಂಘವು ನೂರು ವರ್ಷ ಪೂರೈಸಲಿದೆ. ಪ್ರತಿವರ್ಷದಂತೆ ವಿಜಯದಶಮಿಯಂದು ಸಂಘವು ತನ್ನ ವಾರ್ಷಿಕೋತ್ಸವ ಆಚರಿಸುತ್ತದೆ. ಸಂಘ ಸ್ಥಾಪನೆಯಾದ ದಿನದಿಂದ ಇಂದಿನವರೆಗೆ ನಡೆದು ಬಂದ ದಾರಿಯನ್ನು ಹಿಂತಿರುಗಿ ನೋಡಿದರೆ ಅನೇಕ ಸವಾಲುಗಳನ್ನು ಎದುರಿಸಿರುವುದು ಕಂಡುಬರುತ್ತದೆ. ಡಾ. ಹೆಡಗೇವಾರರು ಕೆಲವೇ ಬಾಲಕರೊಂದಿಗೆ ಪ್ರಾರಂಭಿಸಿದ ಶಾಖೆ ಇಂದು ದೇಶಾದ್ಯಂತ ಲಕ್ಷಾಂತರ ಸ್ಥಳಗಳಿಗೆ ವಿಸ್ತರಿಸಿದೆ. ಮೊದಲ ಗುರುದಕ್ಷಿಣೆ ಉತ್ಸವದಲ್ಲಿ ಭಗವಾಧ್ವಜವನ್ನೇ ಗುರುವಾಗಿ ಸ್ವೀಕರಿಸಲಾಯಿತು. ವ್ಯಕ್ತಿಯನ್ನು ಗುರುವಾಗಿ ಮಾಡಿದರೆ ವ್ಯಕ್ತಿ ಪೂಜೆಯ ದೋಷ ಬರುತ್ತದೆ ಎಂಬ ಕಾರಣಕ್ಕಾಗಿ ತ್ಯಾಗ, ಶೌರ್ಯದ ಸಂಕೇತವಾದ ಭಗವಾಧ್ವಜವನ್ನು ಗುರುವಾಗಿ ಸ್ವೀಕರಿಸಲಾಯಿತು. ಸಂಘದ ಪ್ರಾರ್ಥನೆ ‘ನಮಸ್ತೇ ಸದಾ ವತ್ಸಲೇ ಮಾತೃಭೂಮೇ’ ಸ್ವಯಂಸೇವಕರಲ್ಲಿ ರಾಷ್ಟ್ರಭಕ್ತಿ ತುಂಬುತ್ತದೆ.

ಕ್ರಮೇಣ ಸಂಘದ ಕಾರ್ಯ ವಿವಿಧ ಪ್ರಾಂತಗಳಿಗೆ ವಿಸ್ತರಿಸಿತು. ಪ್ರಚಾರಕ ಪದ್ಧತಿ ಸಂಘದ ವಿಸ್ತಾರಕ್ಕೆ ಬುನಾದಿಯಾಯಿತು. 1940ರಲ್ಲಿ ಡಾಕ್ಟರ್‌ಜೀ ಅವರ ನಿಧನದ ನಂತರ ಗುರೂಜಿ ಗೋಳ್ವಲ್ಕರ್ ಅವರು ಸರಸಂಘಚಾಲಕರಾದರು. ದೇಶ ವಿಭಜನೆಯ ಸಂದರ್ಭದಲ್ಲಿ ನಿರಾಶ್ರಿತರ ನೆರವಿಗೆ ಸ್ವಯಂಸೇವಕರು ಧಾವಿಸಿದರು. 1948ರಲ್ಲಿ ಗಾಂಧೀಜಿಯ ಹತ್ಯೆಯ ನಂತರ ಸಂಘದ ಮೇಲೆ ನಿಷೇಧ ಹೇರಲಾಯಿತು. ತನಿಖೆಯ ನಂತರ ಸಂಘ ನಿರಪರಾಧಿ ಎಂದು ಸಾಬೀತಾಗಿ ನಿಷೇಧ ಹಿಂಪಡೆಯಲಾಯಿತು. 1975ರಲ್ಲಿ ತುರ್ತು ಪರಿಸ್ಥಿತಿ ಹೇರಿದಾಗ ಮತ್ತೆ ನಿಷೇಧ ಬಂದಿತು. ಲಕ್ಷಾಂತರ ಸ್ವಯಂಸೇವಕರು ಸತ್ಯಾಗ್ರಹ ನಡೆಸಿ ಜೈಲು ಸೇರಿದರು. ಪ್ರಜಾಪ್ರಭುತ್ವದ ಮರುಸ್ಥಾಪನೆಯಲ್ಲಿ ಸಂಘದ ಪಾತ್ರ ಮಹತ್ವದ್ದು.

ಪ್ರಚಾರಕ ಸನ್ಯಾಸಿ ಹಾಗೂ ಗೃಹಸ್ಥ ಕಾರ್ಯಕರ್ತರ ಸಮರ್ಪಣೆಯಿಂದ ಸಂಘವು ಬೆಳೆಯಿತು. 1935ರ ಹೊತ್ತಿಗೆ ನಿರ್ಣಯದ ಮೇರೆಗೆ ಸಂಘವು ಮಹಾರಾಷ್ಟ್ರದ ಹೊರಗೆ ವಿಸ್ತರಿಸಿತು. ಕರ್ನಾಟಕದಲ್ಲಿಯೂ ಮಂಗಳೂರು ಮತ್ತು ಬೆಂಗಳೂರಿನಲ್ಲಿ ಶಾಖೆಗಳು ಪ್ರಾರಂಭವಾದವು. ಯಾದವರಾವ್ ಜೋಶಿ ಮೊದಲಾದವರು ಕರ್ನಾಟಕದಲ್ಲಿ ಸಂಘ ಬೆಳೆಸಿದರು. 1947ರಲ್ಲಿ ದೇಶ ವಿಭಜನೆಯ ಸಂದರ್ಭದಲ್ಲಿ ಸಂಘವು ಹಿಂದೂಗಳ ರಕ್ಷಣೆಗೆ ನಿಂತಿತು. 1962ರ ಚೀನಾ ಯುದ್ಧದ ಸಂದರ್ಭದಲ್ಲಿ ಸ್ವಯಂಸೇವಕರ ಸೇವೆ ಗುರುತಿಸಿ 1963ರ ಗಣರಾಜ್ಯೋತ್ಸವದ ಪಥಸಂಚಲನದಲ್ಲಿ ಭಾಗವಹಿಸಲು ಆಹ್ವಾನಿಸಲಾಯಿತು. 1975ರ ಜೂನ್ 25ರಂದು ಅಂದಿನ ಪ್ರಧಾನಿ ಇಂದಿರಾ ಗಾಂಧಿ ತುರ್ತು ಪರಿಸ್ಥಿತಿ ಘೋಷಿಸಿದರು. ನೂರು ವರ್ಷಗಳ ಸುದೀರ್ಘ ಪಯಣದಲ್ಲಿ ಸಂಘ ಕಂಡ ವಿಜಯದಶಮಿಗಳು ಹಲವು. ಶತಾಬ್ದಿಯ ಈ ಹಬ್ಬ 100 ವಿಜಯದಶಮಿಗಳನ್ನು ದಾಟಿ ಬಂದಿದೆ.

ಕ್ರಮೇಣ ಸಂಘದ ಕಾರ್ಯ ವಿವಿಧ ಪ್ರಾಂತಗಳಿಗೆ ವಿಸ್ತರಿಸಿತು. ಪ್ರಚಾರಕ ಪದ್ಧತಿ ಸಂಘದ ವಿಸ್ತಾರಕ್ಕೆ ಬುನಾದಿಯಾಯಿತು. 1940ರಲ್ಲಿ ಡಾಕ್ಟರ್‌ಜೀ ಅವರ ನಿಧನದ ನಂತರ ಗುರೂಜಿ ಗೋಳ್ವಲ್ಕರ್ ಅವರು ಸರಸಂಘಚಾಲಕರಾದರು. ದೇಶ ವಿಭಜನೆಯ ಸಂದರ್ಭದಲ್ಲಿ ನಿರಾಶ್ರಿತರ ನೆರವಿಗೆ ಸ್ವಯಂಸೇವಕರು ಧಾವಿಸಿದರು. 1948ರಲ್ಲಿ ಗಾಂಧೀಜಿಯ ಹತ್ಯೆಯ ನಂತರ ಸಂಘದ ಮೇಲೆ ನಿಷೇಧ ಹೇರಲಾಯಿತು. ತನಿಖೆಯ ನಂತರ ಸಂಘ ನಿರಪರಾಧಿ ಎಂದು ಸಾಬೀತಾಗಿ ನಿಷೇಧ ಹಿಂಪಡೆಯಲಾಯಿತು. 1975ರಲ್ಲಿ ತುರ್ತು ಪರಿಸ್ಥಿತಿ ಹೇರಿದಾಗ ಮತ್ತೆ ನಿಷೇಧ ಬಂದಿತು. ಲಕ್ಷಾಂತರ ಸ್ವಯಂಸೇವಕರು ಸತ್ಯಾಗ್ರಹ ನಡೆಸಿ ಜೈಲು ಸೇರಿದರು. ಪ್ರಜಾಪ್ರಭುತ್ವದ ಮರುಸ್ಥಾಪನೆಯಲ್ಲಿ ಸಂಘದ ಪಾತ್ರ ಮಹತ್ವದ್ದು.

ಪ್ರಚಾರಕ ಸನ್ಯಾಸಿ ಹಾಗೂ ಗೃಹಸ್ಥ ಕಾರ್ಯಕರ್ತರ ಸಮರ್ಪಣೆಯಿಂದ ಸಂಘವು ಬೆಳೆಯಿತು. 1935ರ ಹೊತ್ತಿಗೆ ನಿರ್ಣಯದ ಮೇರೆಗೆ ಸಂಘವು ಮಹಾರಾಷ್ಟ್ರದ ಹೊರಗೆ ವಿಸ್ತರಿಸಿತು. ಕರ್ನಾಟಕದಲ್ಲಿಯೂ ಮಂಗಳೂರು ಮತ್ತು ಬೆಂಗಳೂರಿನಲ್ಲಿ ಶಾಖೆಗಳು ಪ್ರಾರಂಭವಾದವು. ಯಾದವರಾವ್ ಜೋಶಿ ಮೊದಲಾದವರು ಕರ್ನಾಟಕದಲ್ಲಿ ಸಂಘ ಬೆಳೆಸಿದರು. 1947ರಲ್ಲಿ ದೇಶ ವಿಭಜನೆಯ ಸಂದರ್ಭದಲ್ಲಿ ಸಂಘವು ಹಿಂದೂಗಳ ರಕ್ಷಣೆಗೆ ನಿಂತಿತು. 1962ರ ಚೀನಾ ಯುದ್ಧದ ಸಂದರ್ಭದಲ್ಲಿ ಸ್ವಯಂಸೇವಕರ ಸೇವೆ ಗುರುತಿಸಿ 1963ರ ಗಣರಾಜ್ಯೋತ್ಸವದ ಪಥಸಂಚಲನದಲ್ಲಿ ಭಾಗವಹಿಸಲು ಆಹ್ವಾನಿಸಲಾಯಿತು. 1975ರ ಜೂನ್ 25ರಂದು ಅಂದಿನ ಪ್ರಧಾನಿ ಇಂದಿರಾ ಗಾಂಧಿ ತುರ್ತು ಪರಿಸ್ಥಿತಿ ಘೋಷಿಸಿದರು. ನೂರು ವರ್ಷಗಳ ಸುದೀರ್ಘ ಪಯಣದಲ್ಲಿ ಸಂಘ ಕಂಡ ವಿಜಯದಶಮಿಗಳು ಹಲವು. ಶತಾಬ್ದಿಯ ಈ ಹಬ್ಬ 100 ವಿಜಯದಶಮಿಗಳನ್ನು ದಾಟಿ ಬಂದಿದೆ.

ಭಗವಾಧ್ವಜವೇ ಗುರು

ಳೆ ವಿಜಯದಶಮಿಯಂದು ರಾಷ್ಟ್ರೀಯ ಸ್ವಯಂಸೇವಕ ಸಂಘವು ನೂರು ವರ್ಷ ಪೂರೈಸಲಿದೆ. ಪ್ರತಿವರ್ಷದಂತೆ ವಿಜಯದಶಮಿಯಂದು ಸಂಘವು ತನ್ನ ವಾರ್ಷಿಕೋತ್ಸವ ಆಚರಿಸುತ್ತದೆ. ಸಂಘ ಸ್ಥಾಪನೆಯಾದ ದಿನದಿಂದ ಇಂದಿನವರೆಗೆ ನಡೆದು ಬಂದ ದಾರಿಯನ್ನು ಹಿಂತಿರುಗಿ ನೋಡಿದರೆ ಅನೇಕ ಸವಾಲುಗಳನ್ನು ಎದುರಿಸಿರುವುದು ಕಂಡುಬರುತ್ತದೆ. ಡಾ. ಹೆಡಗೇವಾರರು ಕೆಲವೇ ಬಾಲಕರೊಂದಿಗೆ ಪ್ರಾರಂಭಿಸಿದ ಶಾಖೆ ಇಂದು ದೇಶಾದ್ಯಂತ ಲಕ್ಷಾಂತರ ಸ್ಥಳಗಳಿಗೆ ವಿಸ್ತರಿಸಿದೆ. ಮೊದಲ ಗುರುದಕ್ಷಿಣೆ ಉತ್ಸವದಲ್ಲಿ ಭಗವಾಧ್ವಜವನ್ನೇ ಗುರುವಾಗಿ ಸ್ವೀಕರಿಸಲಾಯಿತು. ವ್ಯಕ್ತಿಯನ್ನು ಗುರುವಾಗಿ ಮಾಡಿದರೆ ವ್ಯಕ್ತಿ ಪೂಜೆಯ ದೋಷ ಬರುತ್ತದೆ ಎಂಬ ಕಾರಣಕ್ಕಾಗಿ ತ್ಯಾಗ, ಶೌರ್ಯದ ಸಂಕೇತವಾದ ಭಗವಾಧ್ವಜವನ್ನು ಗುರುವಾಗಿ ಸ್ವೀಕರಿಸಲಾಯಿತು. ಸಂಘದ ಪ್ರಾರ್ಥನೆ ‘ನಮಸ್ತೇ ಸದಾ ವತ್ಸಲೇ ಮಾತೃಭೂಮೇ’ ಸ್ವಯಂಸೇವಕರಲ್ಲಿ ರಾಷ್ಟ್ರಭಕ್ತಿ ತುಂಬುತ್ತದೆ.

ಕ್ರಮೇಣ ಸಂಘದ ಕಾರ್ಯ ವಿವಿಧ ಪ್ರಾಂತಗಳಿಗೆ ವಿಸ್ತರಿಸಿತು. ಪ್ರಚಾರಕ ಪದ್ಧತಿ ಸಂಘದ ವಿಸ್ತಾರಕ್ಕೆ ಬುನಾದಿಯಾಯಿತು. 1940ರಲ್ಲಿ ಡಾಕ್ಟರ್‌ಜೀ ಅವರ ನಿಧನದ ನಂತರ ಗುರೂಜಿ ಗೋಳ್ವಲ್ಕರ್ ಅವರು ಸರಸಂಘಚಾಲಕರಾದರು. ದೇಶ ವಿಭಜನೆಯ ಸಂದರ್ಭದಲ್ಲಿ ನಿರಾಶ್ರಿತರ ನೆರವಿಗೆ ಸ್ವಯಂಸೇವಕರು ಧಾವಿಸಿದರು. 1948ರಲ್ಲಿ ಗಾಂಧೀಜಿಯ ಹತ್ಯೆಯ ನಂತರ ಸಂಘದ ಮೇಲೆ ನಿಷೇಧ ಹೇರಲಾಯಿತು. ತನಿಖೆಯ ನಂತರ ಸಂಘ ನಿರಪರಾಧಿ ಎಂದು ಸಾಬೀತಾಗಿ ನಿಷೇಧ ಹಿಂಪಡೆಯಲಾಯಿತು. 1975ರಲ್ಲಿ ತುರ್ತು ಪರಿಸ್ಥಿತಿ ಹೇರಿದಾಗ ಮತ್ತೆ ನಿಷೇಧ ಬಂದಿತು. ಲಕ್ಷಾಂತರ ಸ್ವಯಂಸೇವಕರು ಸತ್ಯಾಗ್ರಹ ನಡೆಸಿ ಜೈಲು ಸೇರಿದರು. ಪ್ರಜಾಪ್ರಭುತ್ವದ ಮರುಸ್ಥಾಪನೆಯಲ್ಲಿ ಸಂಘದ ಪಾತ್ರ ಮಹತ್ವದ್ದು.

ಪ್ರಚಾರಕ ಸನ್ಯಾಸಿ ಹಾಗೂ ಗೃಹಸ್ಥ ಕಾರ್ಯಕರ್ತರ ಸಮರ್ಪಣೆಯಿಂದ ಸಂಘವು ಬೆಳೆಯಿತು. 1935ರ ಹೊತ್ತಿಗೆ ನಿರ್ಣಯದ ಮೇರೆಗೆ ಸಂಘವು ಮಹಾರಾಷ್ಟ್ರದ ಹೊರಗೆ ವಿಸ್ತರಿಸಿತು. ಕರ್ನಾಟಕದಲ್ಲಿಯೂ ಮಂಗಳೂರು ಮತ್ತು ಬೆಂಗಳೂರಿನಲ್ಲಿ ಶಾಖೆಗಳು ಪ್ರಾರಂಭವಾದವು. ಯಾದವರಾವ್ ಜೋಶಿ ಮೊದಲಾದವರು ಕರ್ನಾಟಕದಲ್ಲಿ ಸಂಘ ಬೆಳೆಸಿದರು. 1947ರಲ್ಲಿ ದೇಶ ವಿಭಜನೆಯ ಸಂದರ್ಭದಲ್ಲಿ ಸಂಘವು ಹಿಂದೂಗಳ ರಕ್ಷಣೆಗೆ ನಿಂತಿತು. 1962ರ ಚೀನಾ ಯುದ್ಧದ ಸಂದರ್ಭದಲ್ಲಿ ಸ್ವಯಂಸೇವಕರ ಸೇವೆ ಗುರುತಿಸಿ 1963ರ ಗಣರಾಜ್ಯೋತ್ಸವದ ಪಥಸಂಚಲನದಲ್ಲಿ ಭಾಗವಹಿಸಲು ಆಹ್ವಾನಿಸಲಾಯಿತು. 1975ರ ಜೂನ್ 25ರಂದು ಅಂದಿನ ಪ್ರಧಾನಿ ಇಂದಿರಾ ಗಾಂಧಿ ತುರ್ತು ಪರಿಸ್ಥಿತಿ ಘೋಷಿಸಿದರು. ನೂರು ವರ್ಷಗಳ ಸುದೀರ್ಘ ಪಯಣದಲ್ಲಿ ಸಂಘ ಕಂಡ ವಿಜಯದಶಮಿಗಳು ಹಲವು. ಶತಾಬ್ದಿಯ ಈ ಹಬ್ಬ 100 ವಿಜಯದಶಮಿಗಳನ್ನು ದಾಟಿ ಬಂದಿದೆ.

ಳೆ ವಿಜಯದಶಮಿಯಂದು ರಾಷ್ಟ್ರೀಯ ಸ್ವಯಂಸೇವಕ ಸಂಘವು ನೂರು ವರ್ಷ ಪೂರೈಸಲಿದೆ. ಪ್ರತಿವರ್ಷದಂತೆ ವಿಜಯದಶಮಿಯಂದು ಸಂಘವು ತನ್ನ ವಾರ್ಷಿಕೋತ್ಸವ ಆಚರಿಸುತ್ತದೆ. ಸಂಘ ಸ್ಥಾಪನೆಯಾದ ದಿನದಿಂದ ಇಂದಿನವರೆಗೆ ನಡೆದು ಬಂದ ದಾರಿಯನ್ನು ಹಿಂತಿರುಗಿ ನೋಡಿದರೆ ಅನೇಕ ಸವಾಲುಗಳನ್ನು ಎದುರಿಸಿರುವುದು ಕಂಡುಬರುತ್ತದೆ. ಡಾ. ಹೆಡಗೇವಾರರು ಕೆಲವೇ ಬಾಲಕರೊಂದಿಗೆ ಪ್ರಾರಂಭಿಸಿದ ಶಾಖೆ ಇಂದು ದೇಶಾದ್ಯಂತ ಲಕ್ಷಾಂತರ ಸ್ಥಳಗಳಿಗೆ ವಿಸ್ತರಿಸಿದೆ. ಮೊದಲ ಗುರುದಕ್ಷಿಣೆ ಉತ್ಸವದಲ್ಲಿ ಭಗವಾಧ್ವಜವನ್ನೇ ಗುರುವಾಗಿ ಸ್ವೀಕರಿಸಲಾಯಿತು. ವ್ಯಕ್ತಿಯನ್ನು ಗುರುವಾಗಿ ಮಾಡಿದರೆ ವ್ಯಕ್ತಿ ಪೂಜೆಯ ದೋಷ ಬರುತ್ತದೆ ಎಂಬ ಕಾರಣಕ್ಕಾಗಿ ತ್ಯಾಗ, ಶೌರ್ಯದ ಸಂಕೇತವಾದ ಭಗವಾಧ್ವಜವನ್ನು ಗುರುವಾಗಿ ಸ್ವೀಕರಿಸಲಾಯಿತು. ಸಂಘದ ಪ್ರಾರ್ಥನೆ ‘ನಮಸ್ತೇ ಸದಾ ವತ್ಸಲೇ ಮಾತೃಭೂಮೇ’ ಸ್ವಯಂಸೇವಕರಲ್ಲಿ ರಾಷ್ಟ್ರಭಕ್ತಿ ತುಂಬುತ್ತದೆ.

◆
